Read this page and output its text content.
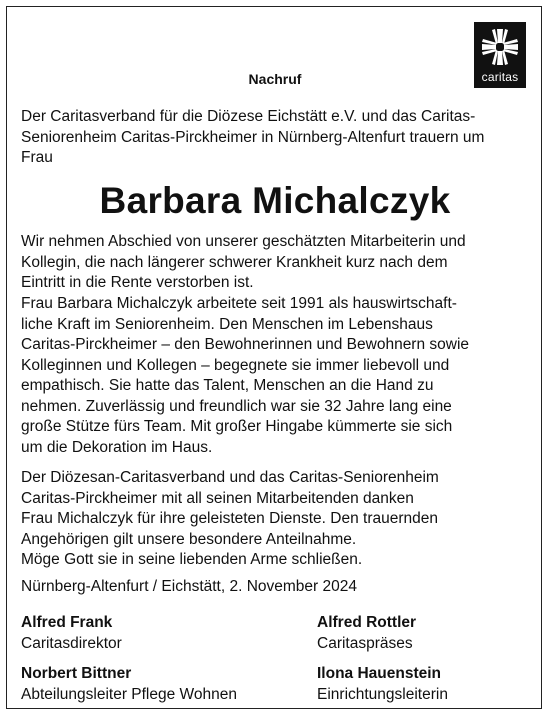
caritas
Nachruf
Der Caritasverband für die Diözese Eichstätt e.V. und das Caritas-
Seniorenheim Caritas-Pirckheimer in Nürnberg-Altenfurt trauern um
Frau
Barbara Michalczyk
Wir nehmen Abschied von unserer geschätzten Mitarbeiterin und
Kollegin, die nach längerer schwerer Krankheit kurz nach dem
Eintritt in die Rente verstorben ist.
Frau Barbara Michalczyk arbeitete seit 1991 als hauswirtschaft-
liche Kraft im Seniorenheim. Den Menschen im Lebenshaus
Caritas-Pirckheimer – den Bewohnerinnen und Bewohnern sowie
Kolleginnen und Kollegen – begegnete sie immer liebevoll und
empathisch. Sie hatte das Talent, Menschen an die Hand zu
nehmen. Zuverlässig und freundlich war sie 32 Jahre lang eine
große Stütze fürs Team. Mit großer Hingabe kümmerte sie sich
um die Dekoration im Haus.
Der Diözesan-Caritasverband und das Caritas-Seniorenheim
Caritas-Pirckheimer mit all seinen Mitarbeitenden danken
Frau Michalczyk für ihre geleisteten Dienste. Den trauernden
Angehörigen gilt unsere besondere Anteilnahme.
Möge Gott sie in seine liebenden Arme schließen.
Nürnberg-Altenfurt / Eichstätt, 2. November 2024
Alfred Frank
Caritasdirektor
Alfred Rottler
Caritaspräses
Norbert Bittner
Abteilungsleiter Pflege Wohnen
Ilona Hauenstein
Einrichtungsleiterin
